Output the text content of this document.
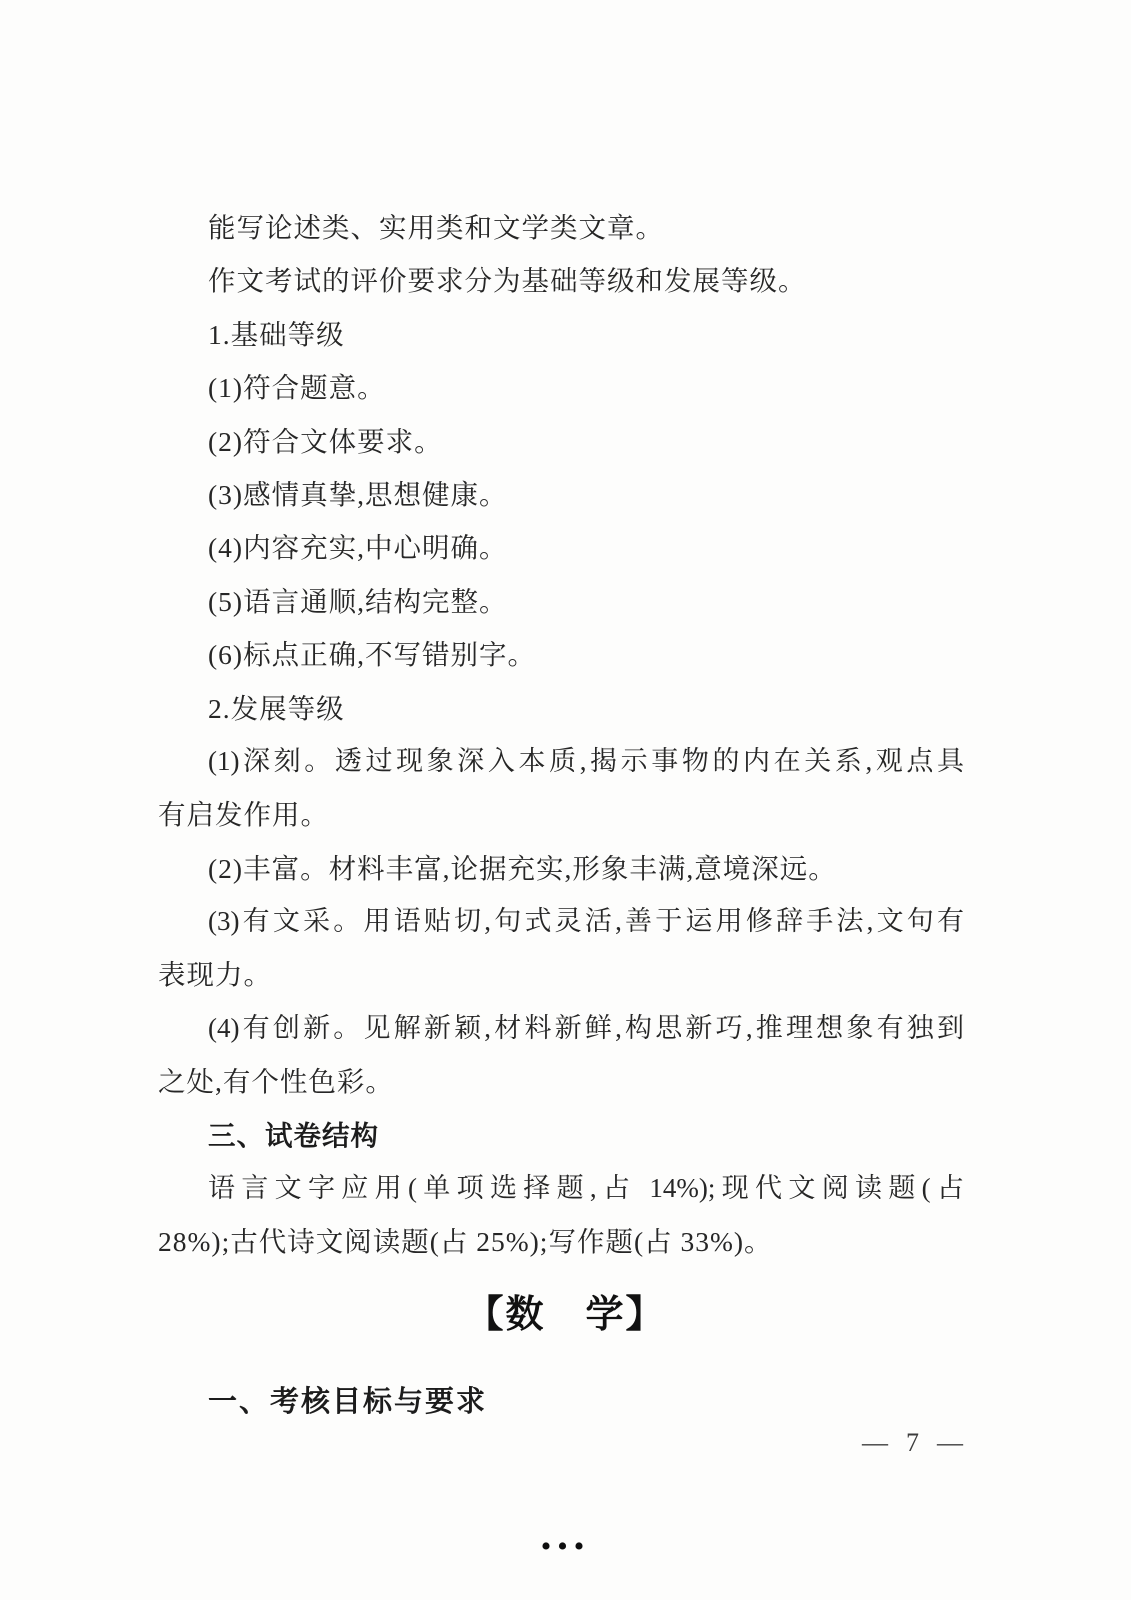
能写论述类、实用类和文学类文章。
作文考试的评价要求分为基础等级和发展等级。
1.基础等级
(1)符合题意。
(2)符合文体要求。
(3)感情真挚,思想健康。
(4)内容充实,中心明确。
(5)语言通顺,结构完整。
(6)标点正确,不写错别字。
2.发展等级
(1)深刻。透过现象深入本质,揭示事物的内在关系,观点具
有启发作用。
(2)丰富。材料丰富,论据充实,形象丰满,意境深远。
(3)有文采。用语贴切,句式灵活,善于运用修辞手法,文句有
表现力。
(4)有创新。见解新颖,材料新鲜,构思新巧,推理想象有独到
之处,有个性色彩。
三、试卷结构
语言文字应用(单项选择题,占 14%);现代文阅读题(占
28%);古代诗文阅读题(占 25%);写作题(占 33%)。
【数　学】
一、考核目标与要求
— 7 —
•••
